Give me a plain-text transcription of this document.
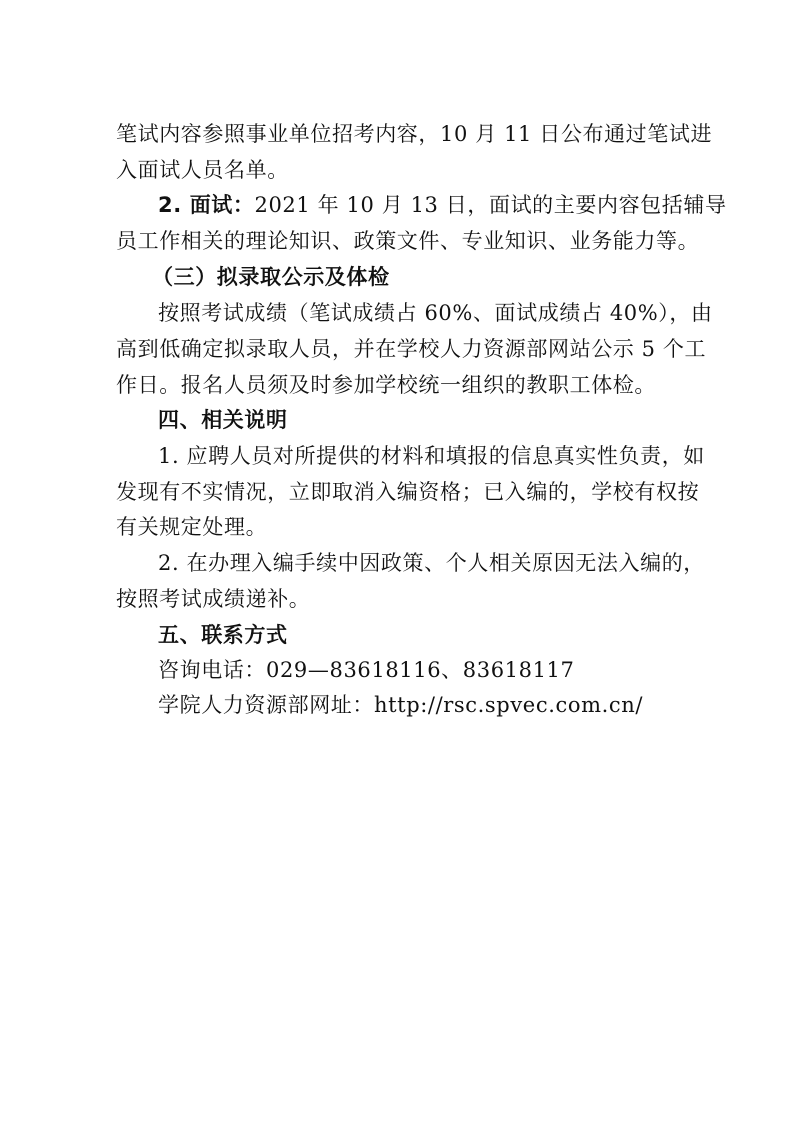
笔试内容参照事业单位招考内容，10 月 11 日公布通过笔试进
入面试人员名单。
2. 面试：2021 年 10 月 13 日，面试的主要内容包括辅导
员工作相关的理论知识、政策文件、专业知识、业务能力等。
（三）拟录取公示及体检
按照考试成绩（笔试成绩占 60%、面试成绩占 40%），由
高到低确定拟录取人员，并在学校人力资源部网站公示 5 个工
作日。报名人员须及时参加学校统一组织的教职工体检。
四、相关说明
1. 应聘人员对所提供的材料和填报的信息真实性负责，如
发现有不实情况，立即取消入编资格；已入编的，学校有权按
有关规定处理。
2. 在办理入编手续中因政策、个人相关原因无法入编的，
按照考试成绩递补。
五、联系方式
咨询电话：029—83618116、83618117
学院人力资源部网址：http://rsc.spvec.com.cn/
